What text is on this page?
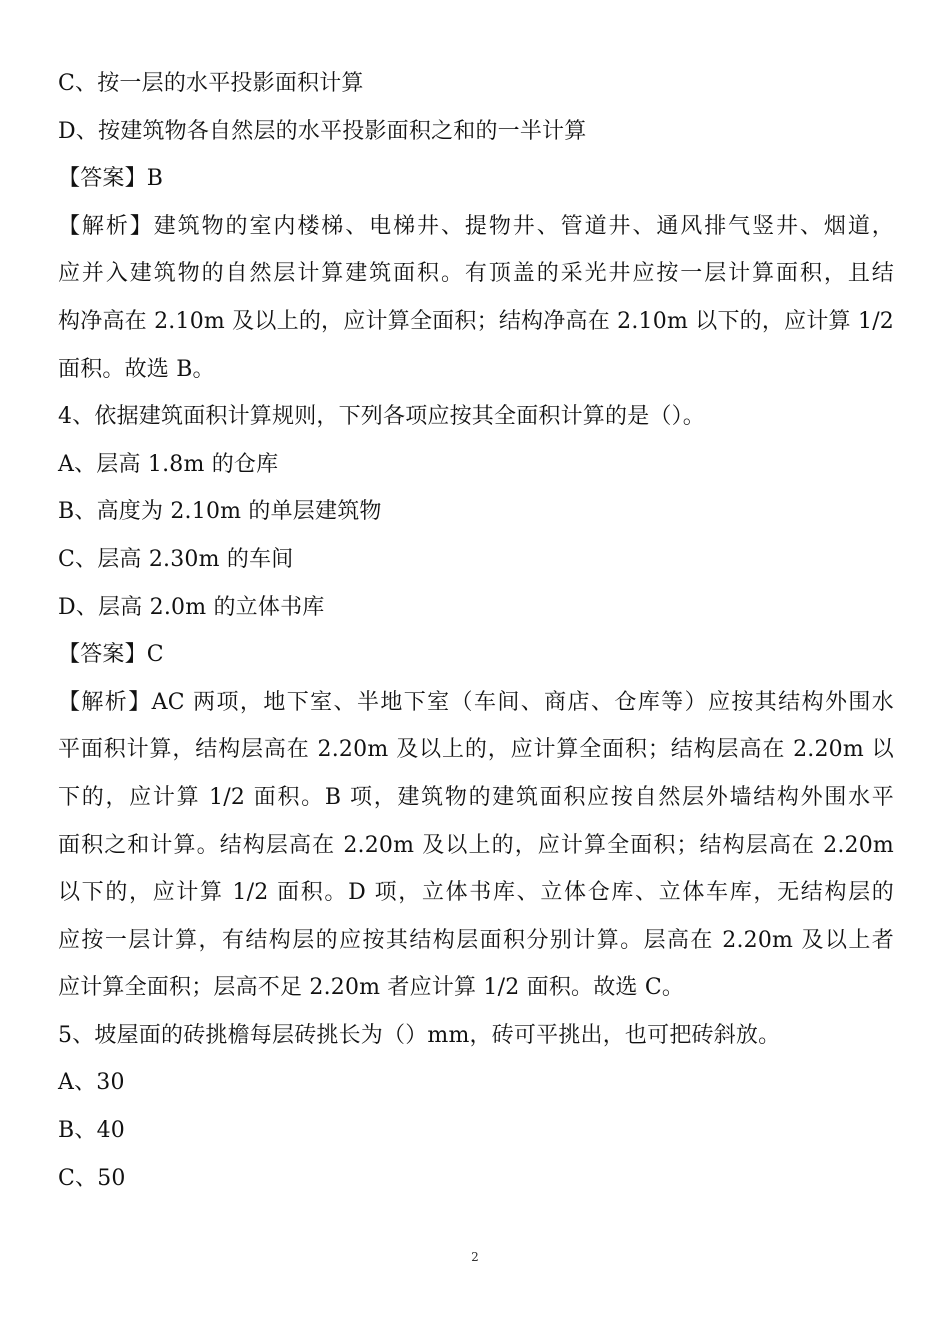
C、按一层的水平投影面积计算
D、按建筑物各自然层的水平投影面积之和的一半计算
【答案】B
【解析】建筑物的室内楼梯、电梯井、提物井、管道井、通风排气竖井、烟道，
应并入建筑物的自然层计算建筑面积。有顶盖的采光井应按一层计算面积，且结
构净高在 2.10m 及以上的，应计算全面积；结构净高在 2.10m 以下的，应计算 1/2
面积。故选 B。
4、依据建筑面积计算规则，下列各项应按其全面积计算的是（）。
A、层高 1.8m 的仓库
B、高度为 2.10m 的单层建筑物
C、层高 2.30m 的车间
D、层高 2.0m 的立体书库
【答案】C
【解析】AC 两项，地下室、半地下室（车间、商店、仓库等）应按其结构外围水
平面积计算，结构层高在 2.20m 及以上的，应计算全面积；结构层高在 2.20m 以
下的，应计算 1/2 面积。B 项，建筑物的建筑面积应按自然层外墙结构外围水平
面积之和计算。结构层高在 2.20m 及以上的，应计算全面积；结构层高在 2.20m
以下的，应计算 1/2 面积。D 项，立体书库、立体仓库、立体车库，无结构层的
应按一层计算，有结构层的应按其结构层面积分别计算。层高在 2.20m 及以上者
应计算全面积；层高不足 2.20m 者应计算 1/2 面积。故选 C。
5、坡屋面的砖挑檐每层砖挑长为（）mm，砖可平挑出，也可把砖斜放。
A、30
B、40
C、50
2
